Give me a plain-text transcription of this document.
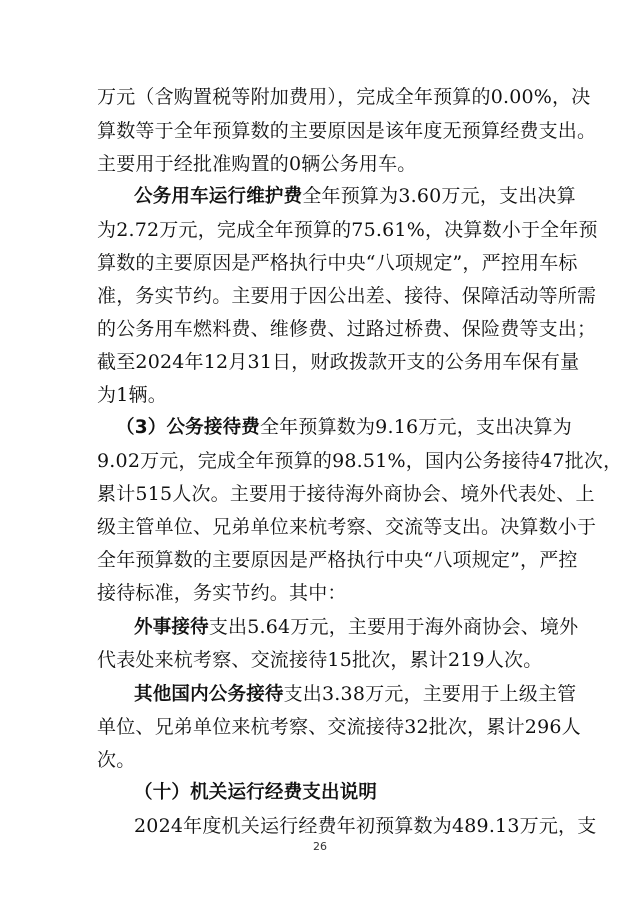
万元（含购置税等附加费用），完成全年预算的0.00%，决
算数等于全年预算数的主要原因是该年度无预算经费支出。
主要用于经批准购置的0辆公务用车。
公务用车运行维护费全年预算为3.60万元，支出决算
为2.72万元，完成全年预算的75.61%，决算数小于全年预
算数的主要原因是严格执行中央“八项规定”，严控用车标
准，务实节约。主要用于因公出差、接待、保障活动等所需
的公务用车燃料费、维修费、过路过桥费、保险费等支出；
截至2024年12月31日，财政拨款开支的公务用车保有量
为1辆。
（3）公务接待费全年预算数为9.16万元，支出决算为
9.02万元，完成全年预算的98.51%，国内公务接待47批次，
累计515人次。主要用于接待海外商协会、境外代表处、上
级主管单位、兄弟单位来杭考察、交流等支出。决算数小于
全年预算数的主要原因是严格执行中央“八项规定”，严控
接待标准，务实节约。其中：
外事接待支出5.64万元，主要用于海外商协会、境外
代表处来杭考察、交流接待15批次，累计219人次。
其他国内公务接待支出3.38万元，主要用于上级主管
单位、兄弟单位来杭考察、交流接待32批次，累计296人
次。
（十）机关运行经费支出说明
2024年度机关运行经费年初预算数为489.13万元，支
26
